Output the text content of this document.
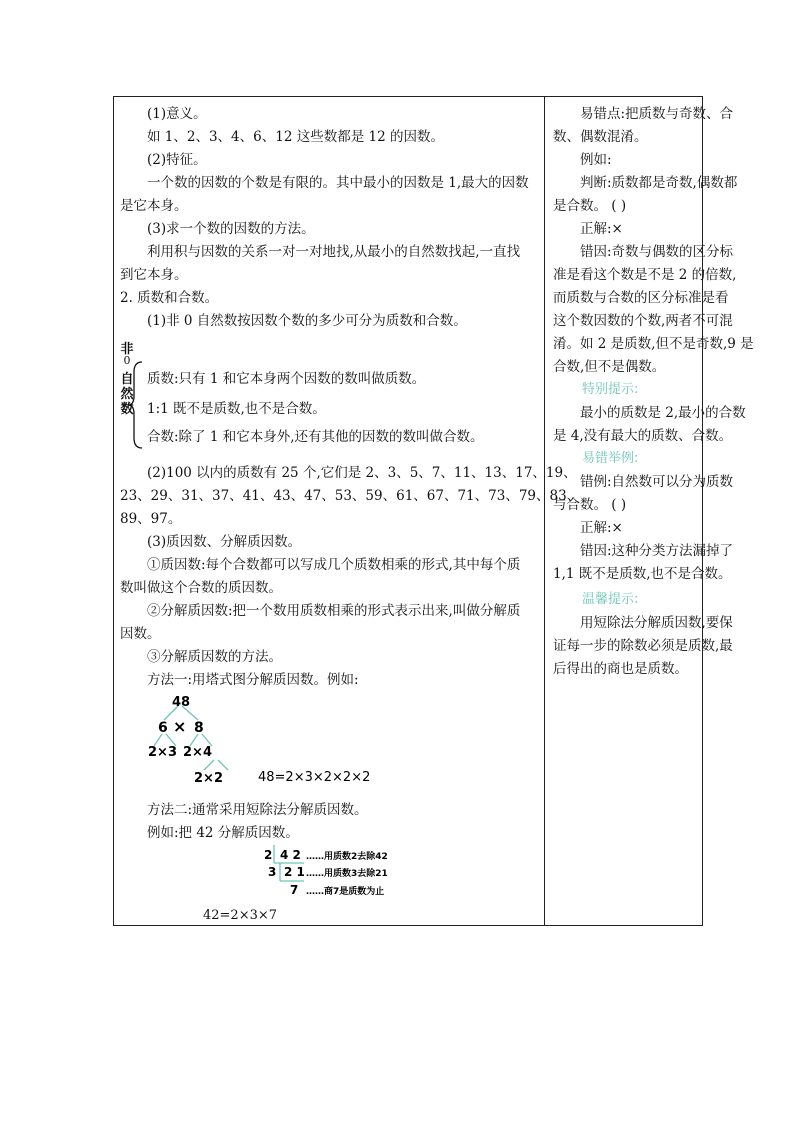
(1)意义。
如 1、2、3、4、6、12 这些数都是 12 的因数。
(2)特征。
一个数的因数的个数是有限的。其中最小的因数是 1,最大的因数
是它本身。
(3)求一个数的因数的方法。
利用积与因数的关系一对一对地找,从最小的自然数找起,一直找
到它本身。
2. 质数和合数。
(1)非 0 自然数按因数个数的多少可分为质数和合数。
非
0
自
然
数
质数:只有 1 和它本身两个因数的数叫做质数。
1:1 既不是质数,也不是合数。
合数:除了 1 和它本身外,还有其他的因数的数叫做合数。
(2)100 以内的质数有 25 个,它们是 2、3、5、7、11、13、17、19、
23、29、31、37、41、43、47、53、59、61、67、71、73、79、83、
89、97。
(3)质因数、分解质因数。
①质因数:每个合数都可以写成几个质数相乘的形式,其中每个质
数叫做这个合数的质因数。
②分解质因数:把一个数用质数相乘的形式表示出来,叫做分解质
因数。
③分解质因数的方法。
方法一:用塔式图分解质因数。例如:
48
6 × 8
2×3 2×4
2×2	48=2×3×2×2×2
方法二:通常采用短除法分解质因数。
例如:把 42 分解质因数。
2 4 2 ……用质数2去除42
3 2 1 ……用质数3去除21
7 ……商7是质数为止
42=2×3×7
易错点:把质数与奇数、合
数、偶数混淆。
例如:
判断:质数都是奇数,偶数都
是合数。 ( )
正解:×
错因:奇数与偶数的区分标
准是看这个数是不是 2 的倍数,
而质数与合数的区分标准是看
这个数因数的个数,两者不可混
淆。如 2 是质数,但不是奇数,9 是
合数,但不是偶数。
特别提示:
最小的质数是 2,最小的合数
是 4,没有最大的质数、合数。
易错举例:
错例:自然数可以分为质数
与合数。 ( )
正解:×
错因:这种分类方法漏掉了
1,1 既不是质数,也不是合数。
温馨提示:
用短除法分解质因数,要保
证每一步的除数必须是质数,最
后得出的商也是质数。
